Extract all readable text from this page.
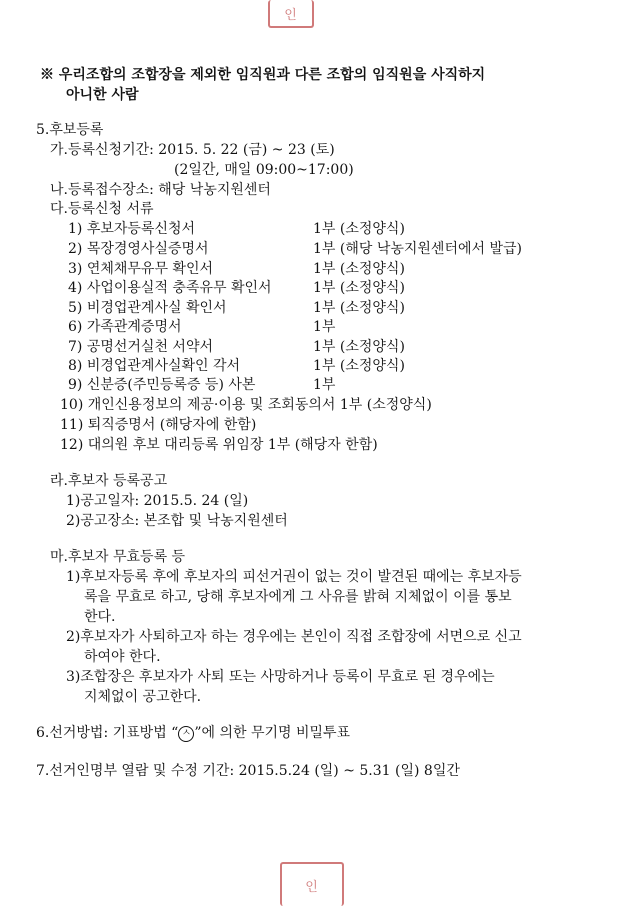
인
※ 우리조합의 조합장을 제외한 임직원과 다른 조합의 임직원을 사직하지
아니한 사람
5.후보등록
가.등록신청기간: 2015. 5. 22 (금) ~ 23 (토)
(2일간, 매일 09:00~17:00)
나.등록접수장소: 해당 낙농지원센터
다.등록신청 서류
1) 후보자등록신청서	1부 (소정양식)
2) 목장경영사실증명서	1부 (해당 낙농지원센터에서 발급)
3) 연체채무유무 확인서	1부 (소정양식)
4) 사업이용실적 충족유무 확인서	1부 (소정양식)
5) 비경업관계사실 확인서	1부 (소정양식)
6) 가족관계증명서	1부
7) 공명선거실천 서약서	1부 (소정양식)
8) 비경업관계사실확인 각서	1부 (소정양식)
9) 신분증(주민등록증 등) 사본	1부
10) 개인신용정보의 제공·이용 및 조회동의서 1부 (소정양식)
11) 퇴직증명서 (해당자에 한함)
12) 대의원 후보 대리등록 위임장 1부 (해당자 한함)
라.후보자 등록공고
1)공고일자: 2015.5. 24 (일)
2)공고장소: 본조합 및 낙농지원센터
마.후보자 무효등록 등
1)후보자등록 후에 후보자의 피선거권이 없는 것이 발견된 때에는 후보자등
록을 무효로 하고, 당해 후보자에게 그 사유를 밝혀 지체없이 이를 통보
한다.
2)후보자가 사퇴하고자 하는 경우에는 본인이 직접 조합장에 서면으로 신고
하여야 한다.
3)조합장은 후보자가 사퇴 또는 사망하거나 등록이 무효로 된 경우에는
지체없이 공고한다.
6.선거방법: 기표방법 “ ㅅ ”에 의한 무기명 비밀투표
7.선거인명부 열람 및 수정 기간: 2015.5.24 (일) ~ 5.31 (일) 8일간
인
